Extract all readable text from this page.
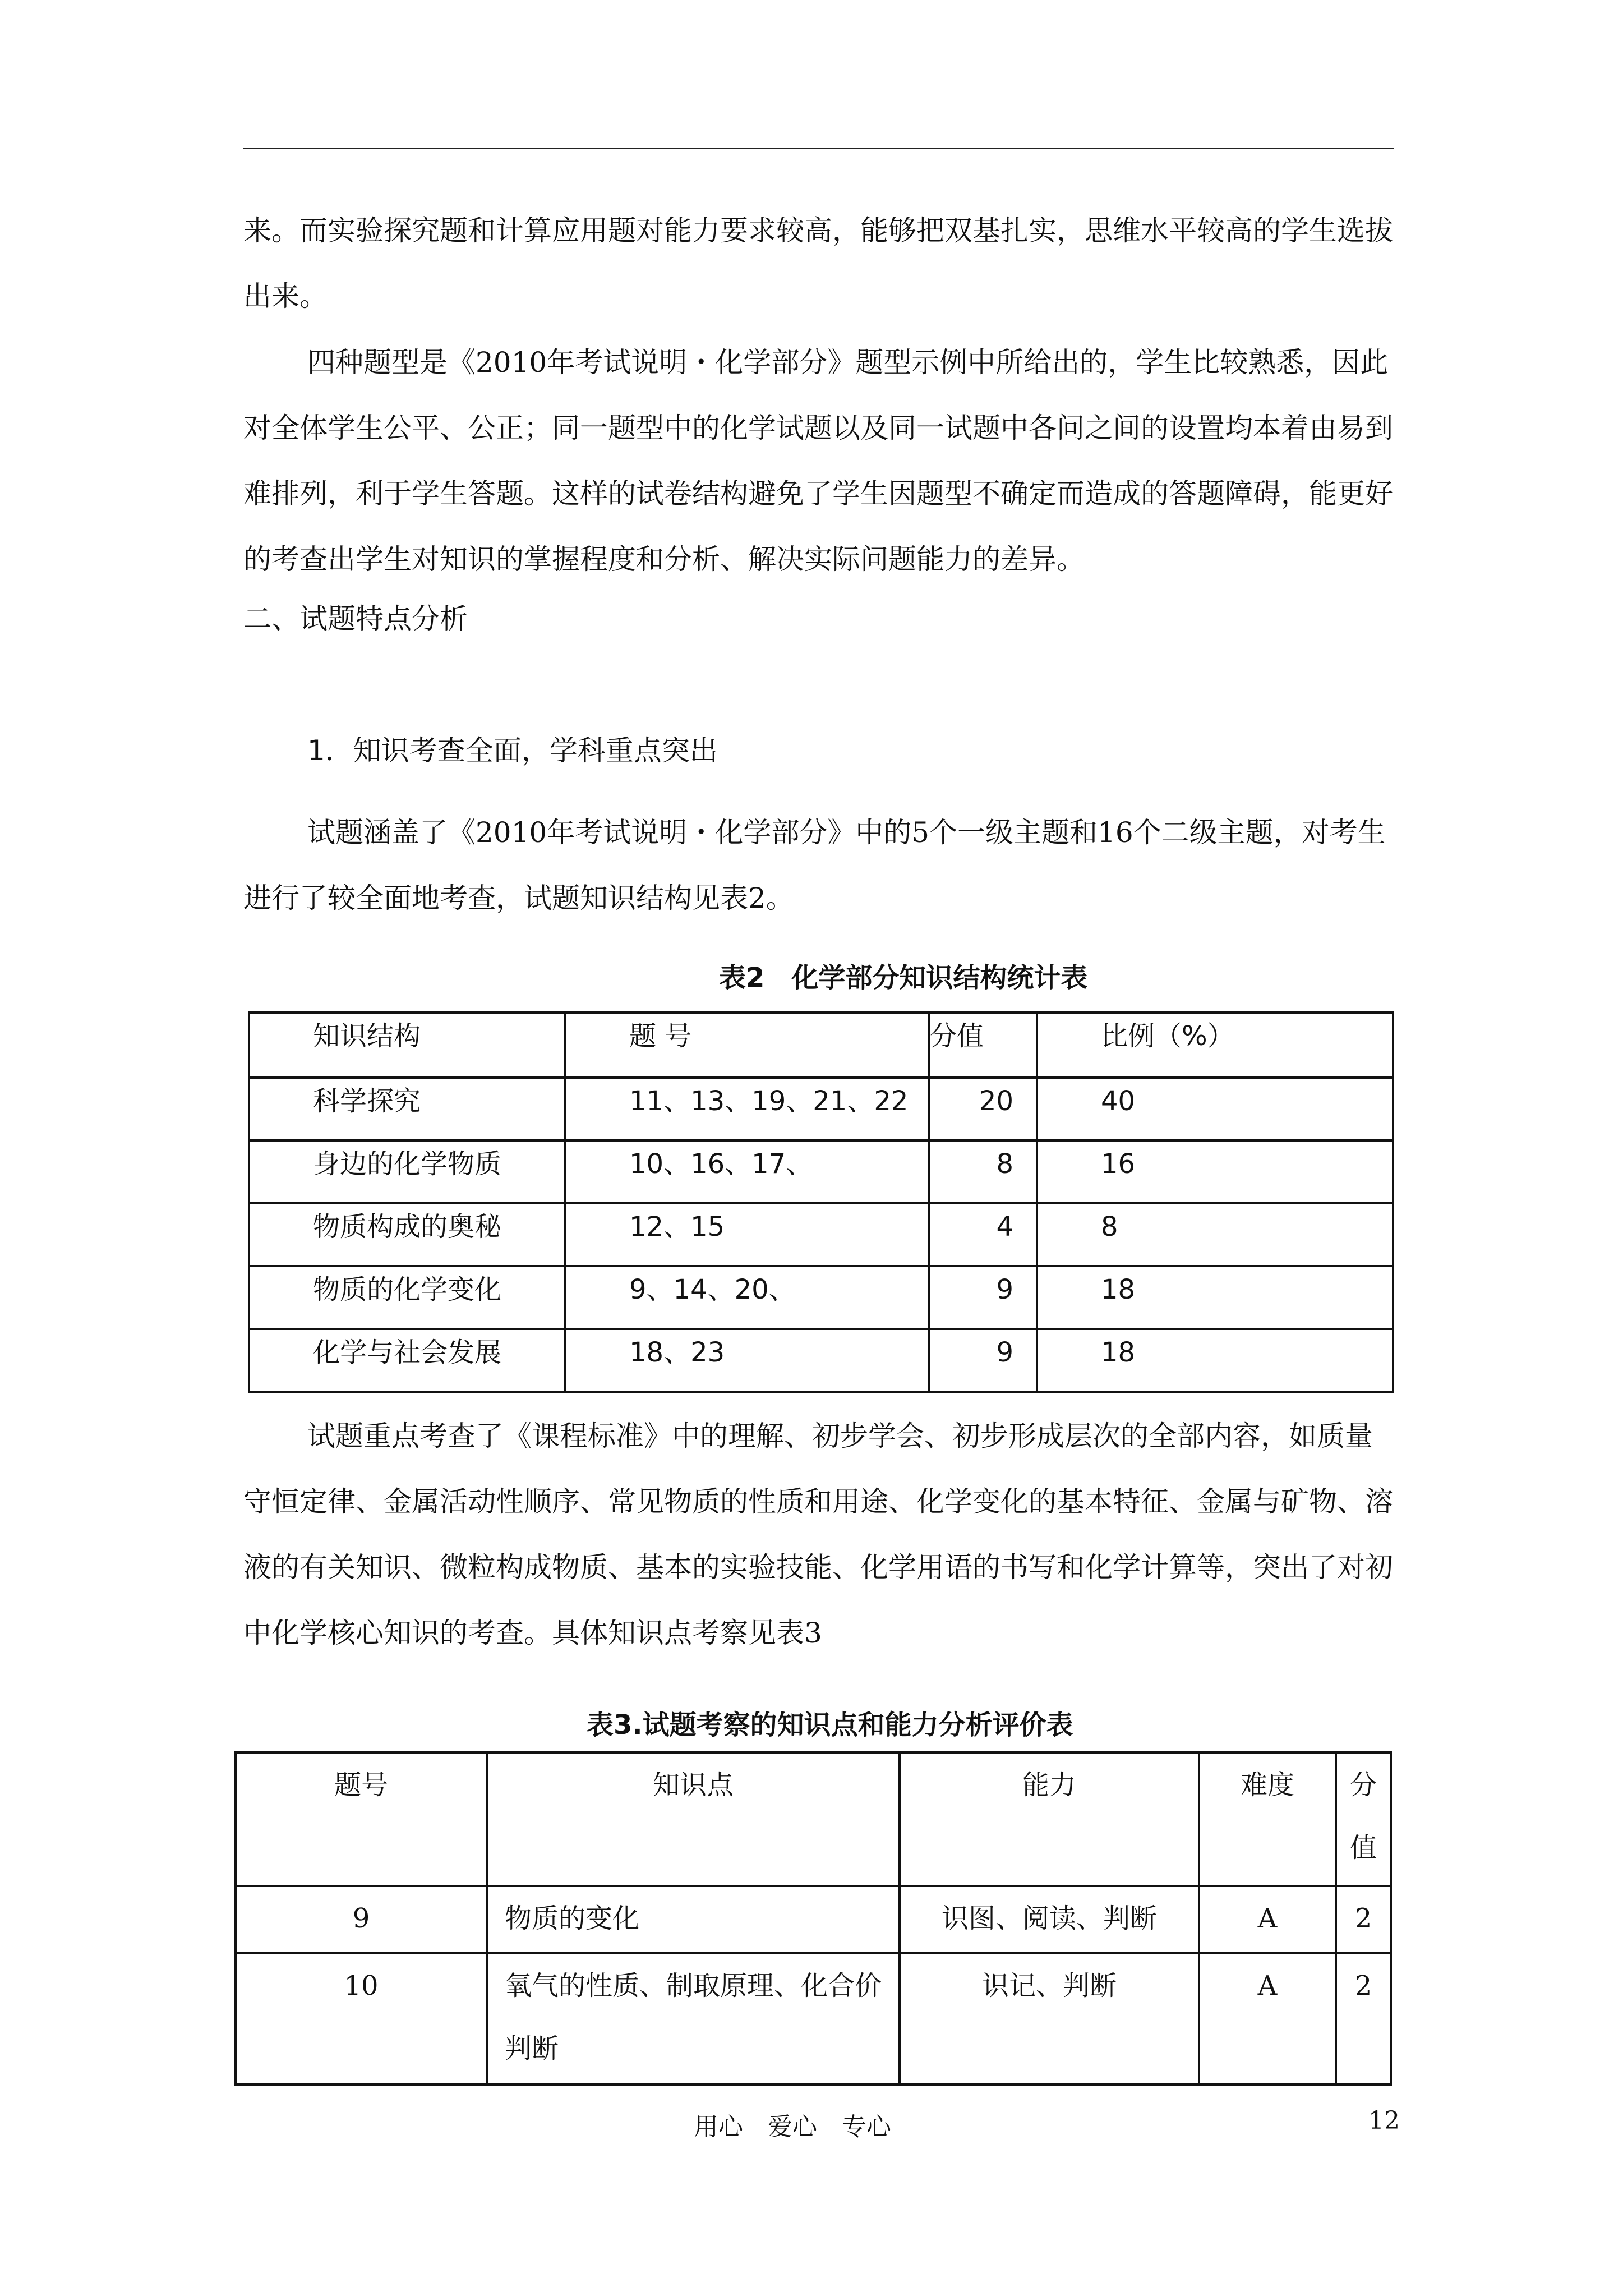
来。而实验探究题和计算应用题对能力要求较高，能够把双基扎实，思维水平较高的学生选拔出来。

四种题型是《2010年考试说明・化学部分》题型示例中所给出的，学生比较熟悉，因此对全体学生公平、公正；同一题型中的化学试题以及同一试题中各问之间的设置均本着由易到难排列，利于学生答题。这样的试卷结构避免了学生因题型不确定而造成的答题障碍，能更好的考查出学生对知识的掌握程度和分析、解决实际问题能力的差异。

二、试题特点分析
1．知识考查全面，学科重点突出

试题涵盖了《2010年考试说明・化学部分》中的5个一级主题和16个二级主题，对考生进行了较全面地考查，试题知识结构见表2。

表2　化学部分知识结构统计表
知识结构	题 号	分值	比例（%）
科学探究	11、13、19、21、22	20	40
身边的化学物质	10、16、17、	8	16
物质构成的奥秘	12、15	4	8
物质的化学变化	9、14、20、	9	18
化学与社会发展	18、23	9	18

试题重点考查了《课程标准》中的理解、初步学会、初步形成层次的全部内容，如质量守恒定律、金属活动性顺序、常见物质的性质和用途、化学变化的基本特征、金属与矿物、溶液的有关知识、微粒构成物质、基本的实验技能、化学用语的书写和化学计算等，突出了对初中化学核心知识的考查。具体知识点考察见表3

表3.试题考察的知识点和能力分析评价表
题号	知识点	能力	难度	分值

9	物质的变化	识图、阅读、判断	A	2
10	氧气的性质、制取原理、化合价判断	识记、判断	A	2
用心　爱心　专心	12
